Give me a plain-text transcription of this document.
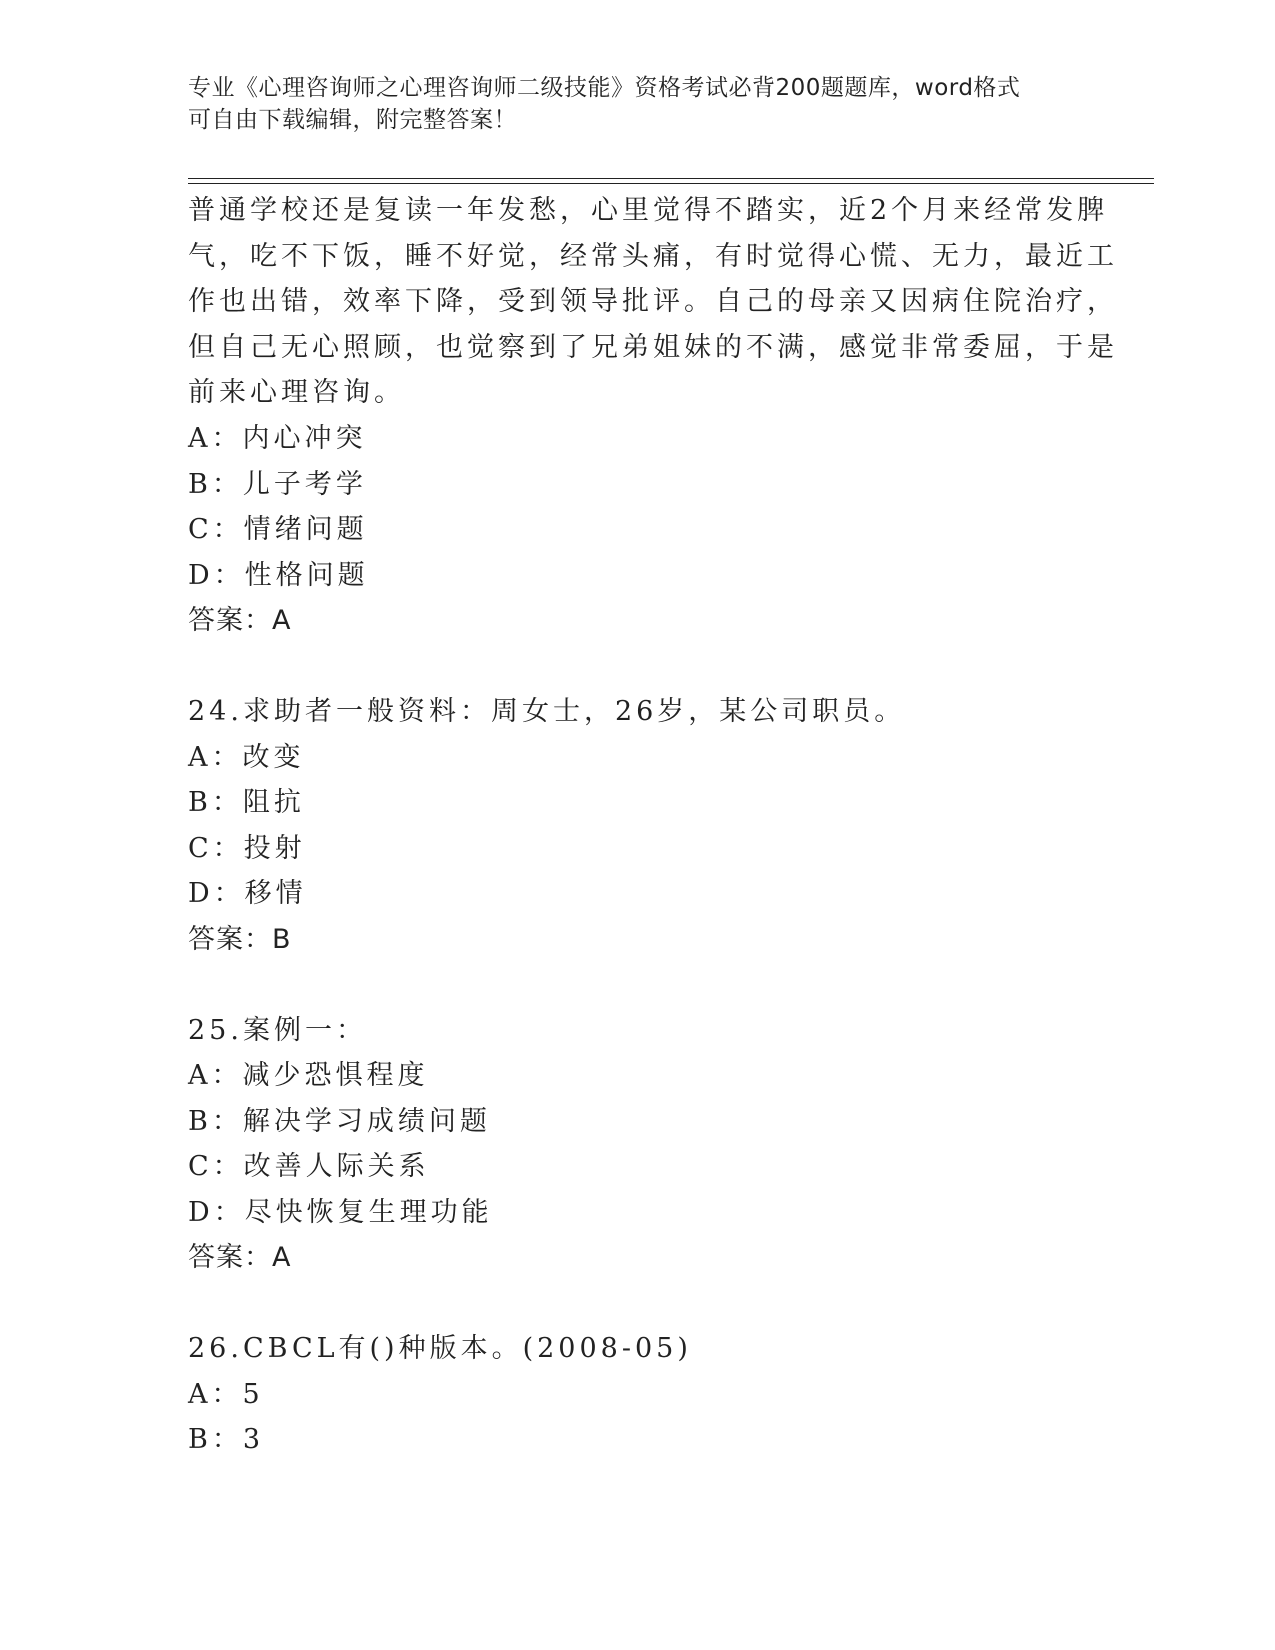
专业《心理咨询师之心理咨询师二级技能》资格考试必背200题题库，word格式
可自由下载编辑，附完整答案！
普通学校还是复读一年发愁，心里觉得不踏实，近2个月来经常发脾
气，吃不下饭，睡不好觉，经常头痛，有时觉得心慌、无力，最近工
作也出错，效率下降，受到领导批评。自己的母亲又因病住院治疗，
但自己无心照顾，也觉察到了兄弟姐妹的不满，感觉非常委屈，于是
前来心理咨询。
A：内心冲突
B：儿子考学
C：情绪问题
D：性格问题
答案：A
24.求助者一般资料：周女士，26岁，某公司职员。
A：改变
B：阻抗
C：投射
D：移情
答案：B
25.案例一：
A：减少恐惧程度
B：解决学习成绩问题
C：改善人际关系
D：尽快恢复生理功能
答案：A
26.CBCL有()种版本。(2008-05)
A：5
B：3
